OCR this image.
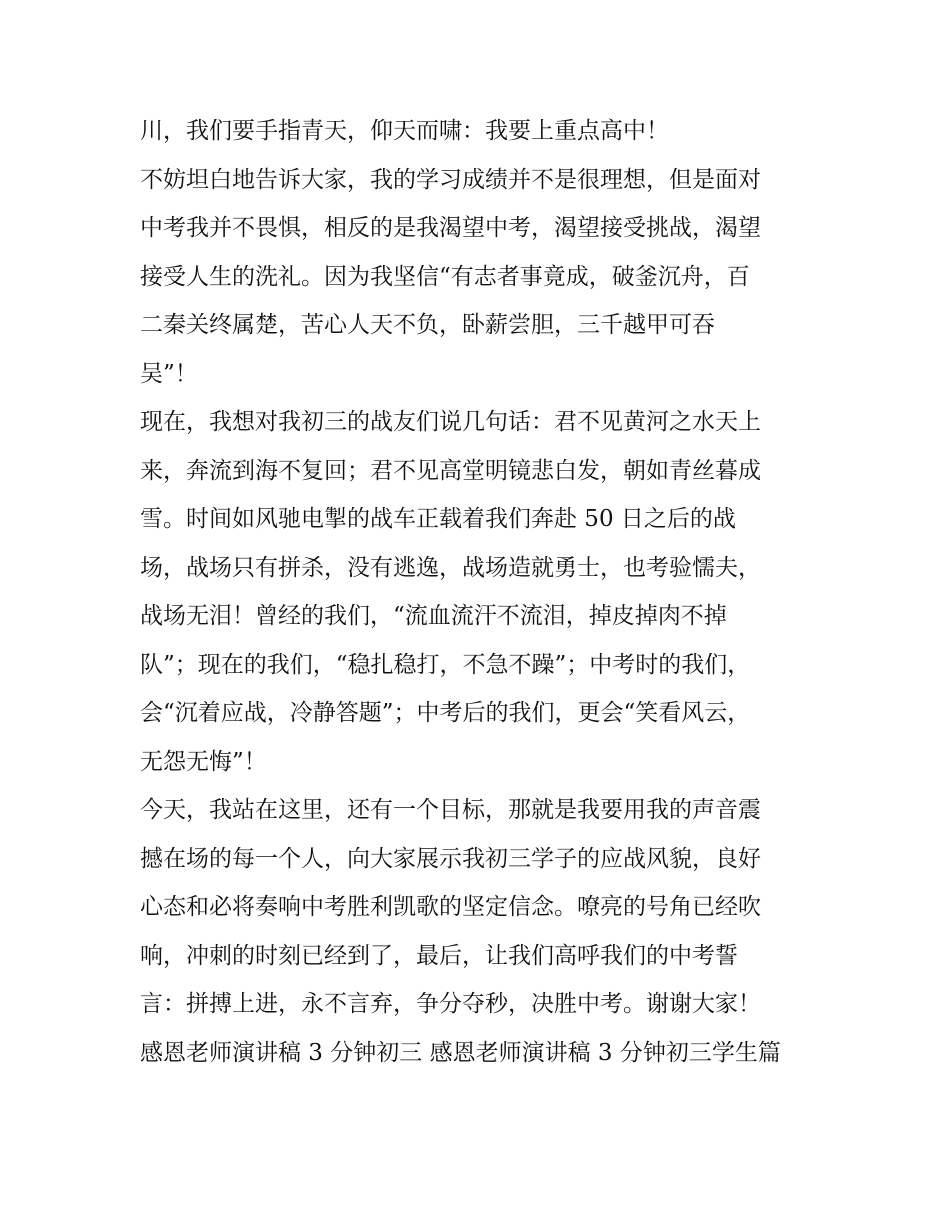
川，我们要手指青天，仰天而啸：我要上重点高中！
不妨坦白地告诉大家，我的学习成绩并不是很理想，但是面对
中考我并不畏惧，相反的是我渴望中考，渴望接受挑战，渴望
接受人生的洗礼。因为我坚信“有志者事竟成，破釜沉舟，百
二秦关终属楚，苦心人天不负，卧薪尝胆，三千越甲可吞
吴”！
现在，我想对我初三的战友们说几句话：君不见黄河之水天上
来，奔流到海不复回；君不见高堂明镜悲白发，朝如青丝暮成
雪。时间如风驰电掣的战车正载着我们奔赴 50 日之后的战
场，战场只有拼杀，没有逃逸，战场造就勇士，也考验懦夫，
战场无泪！曾经的我们，“流血流汗不流泪，掉皮掉肉不掉
队”；现在的我们，“稳扎稳打，不急不躁”；中考时的我们，
会“沉着应战，冷静答题”；中考后的我们，更会“笑看风云，
无怨无悔”！
今天，我站在这里，还有一个目标，那就是我要用我的声音震
撼在场的每一个人，向大家展示我初三学子的应战风貌，良好
心态和必将奏响中考胜利凯歌的坚定信念。嘹亮的号角已经吹
响，冲刺的时刻已经到了，最后，让我们高呼我们的中考誓
言：拼搏上进，永不言弃，争分夺秒，决胜中考。谢谢大家！
感恩老师演讲稿 3 分钟初三 感恩老师演讲稿 3 分钟初三学生篇
